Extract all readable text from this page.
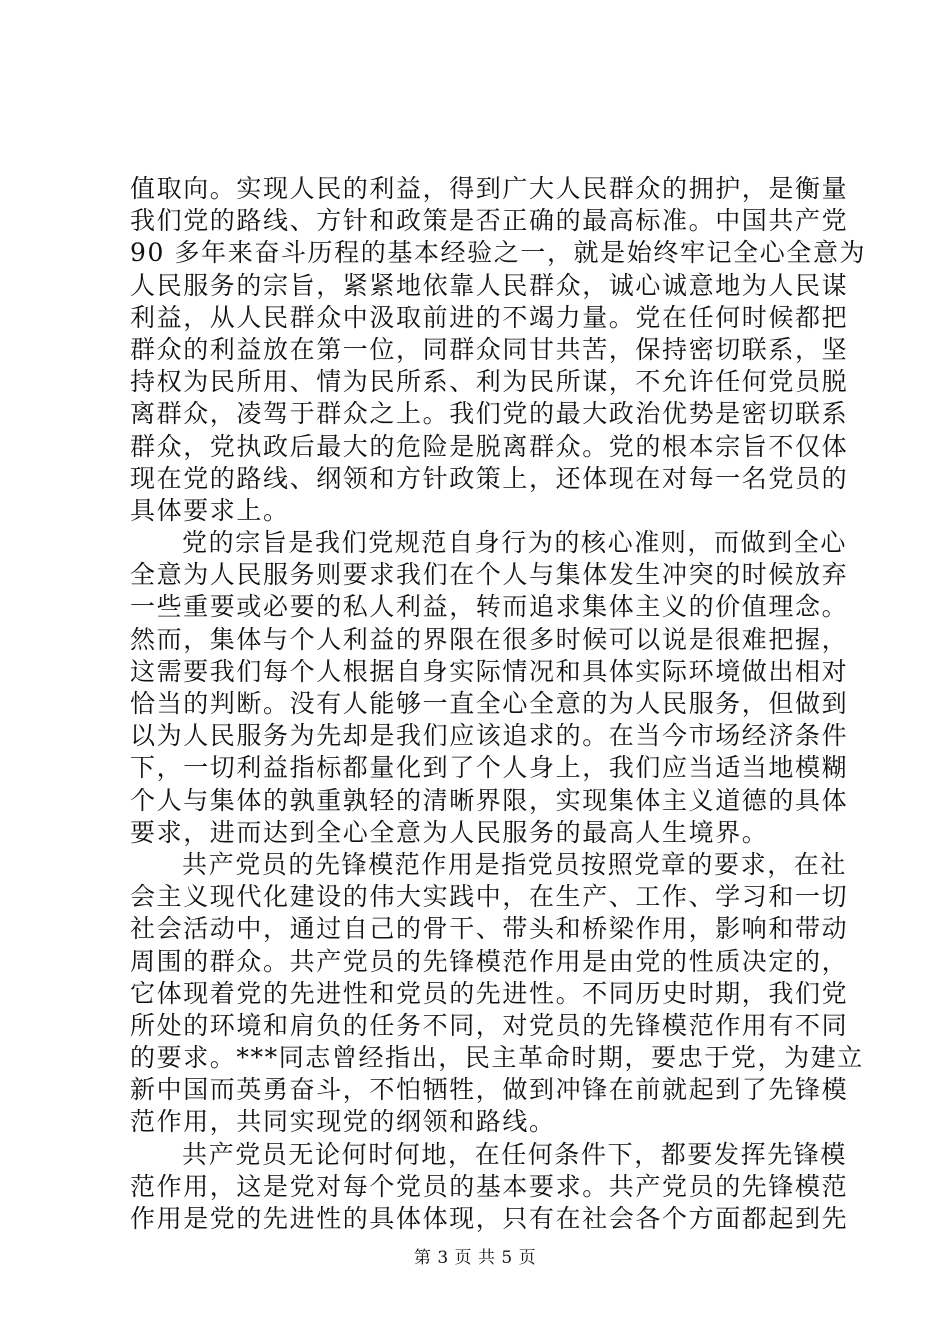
值取向。实现人民的利益，得到广大人民群众的拥护，是衡量
我们党的路线、方针和政策是否正确的最高标准。中国共产党
90 多年来奋斗历程的基本经验之一，就是始终牢记全心全意为
人民服务的宗旨，紧紧地依靠人民群众，诚心诚意地为人民谋
利益，从人民群众中汲取前进的不竭力量。党在任何时候都把
群众的利益放在第一位，同群众同甘共苦，保持密切联系，坚
持权为民所用、情为民所系、利为民所谋，不允许任何党员脱
离群众，凌驾于群众之上。我们党的最大政治优势是密切联系
群众，党执政后最大的危险是脱离群众。党的根本宗旨不仅体
现在党的路线、纲领和方针政策上，还体现在对每一名党员的
具体要求上。
党的宗旨是我们党规范自身行为的核心准则，而做到全心
全意为人民服务则要求我们在个人与集体发生冲突的时候放弃
一些重要或必要的私人利益，转而追求集体主义的价值理念。
然而，集体与个人利益的界限在很多时候可以说是很难把握，
这需要我们每个人根据自身实际情况和具体实际环境做出相对
恰当的判断。没有人能够一直全心全意的为人民服务，但做到
以为人民服务为先却是我们应该追求的。在当今市场经济条件
下，一切利益指标都量化到了个人身上，我们应当适当地模糊
个人与集体的孰重孰轻的清晰界限，实现集体主义道德的具体
要求，进而达到全心全意为人民服务的最高人生境界。
共产党员的先锋模范作用是指党员按照党章的要求，在社
会主义现代化建设的伟大实践中，在生产、工作、学习和一切
社会活动中，通过自己的骨干、带头和桥梁作用，影响和带动
周围的群众。共产党员的先锋模范作用是由党的性质决定的，
它体现着党的先进性和党员的先进性。不同历史时期，我们党
所处的环境和肩负的任务不同，对党员的先锋模范作用有不同
的要求。***同志曾经指出，民主革命时期，要忠于党，为建立
新中国而英勇奋斗，不怕牺牲，做到冲锋在前就起到了先锋模
范作用，共同实现党的纲领和路线。
共产党员无论何时何地，在任何条件下，都要发挥先锋模
范作用，这是党对每个党员的基本要求。共产党员的先锋模范
作用是党的先进性的具体体现，只有在社会各个方面都起到先
第 3 页 共 5 页
